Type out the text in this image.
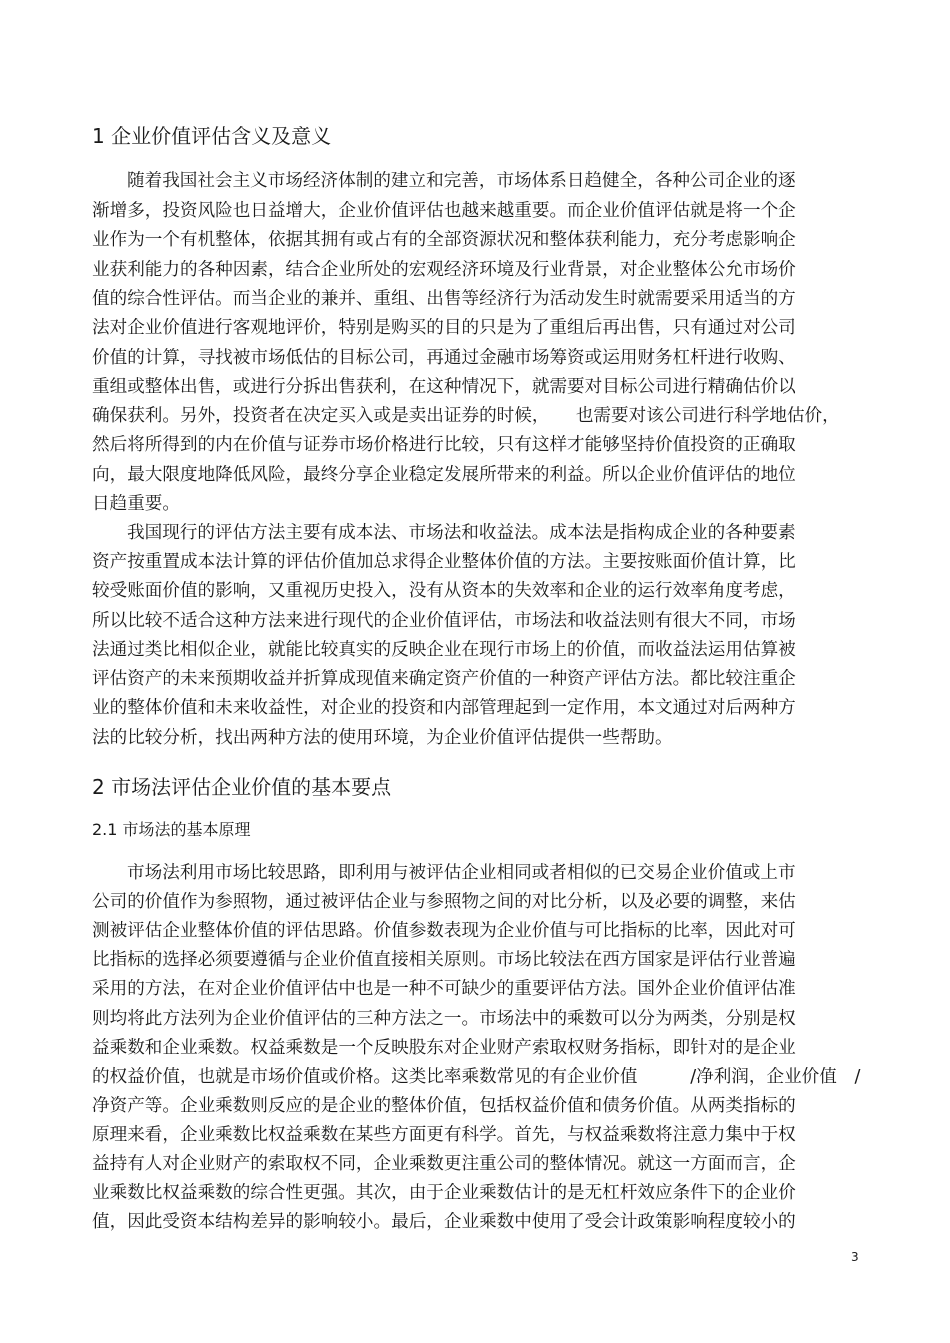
1 企业价值评估含义及意义
随着我国社会主义市场经济体制的建立和完善，市场体系日趋健全，各种公司企业的逐
渐增多，投资风险也日益增大，企业价值评估也越来越重要。而企业价值评估就是将一个企
业作为一个有机整体，依据其拥有或占有的全部资源状况和整体获利能力，充分考虑影响企
业获利能力的各种因素，结合企业所处的宏观经济环境及行业背景，对企业整体公允市场价
值的综合性评估。而当企业的兼并、重组、出售等经济行为活动发生时就需要采用适当的方
法对企业价值进行客观地评价，特别是购买的目的只是为了重组后再出售，只有通过对公司
价值的计算，寻找被市场低估的目标公司，再通过金融市场筹资或运用财务杠杆进行收购、
重组或整体出售，或进行分拆出售获利，在这种情况下，就需要对目标公司进行精确估价以
确保获利。另外，投资者在决定买入或是卖出证券的时候，　　也需要对该公司进行科学地估价，
然后将所得到的内在价值与证券市场价格进行比较，只有这样才能够坚持价值投资的正确取
向，最大限度地降低风险，最终分享企业稳定发展所带来的利益。所以企业价值评估的地位
日趋重要。
我国现行的评估方法主要有成本法、市场法和收益法。成本法是指构成企业的各种要素
资产按重置成本法计算的评估价值加总求得企业整体价值的方法。主要按账面价值计算，比
较受账面价值的影响，又重视历史投入，没有从资本的失效率和企业的运行效率角度考虑，
所以比较不适合这种方法来进行现代的企业价值评估，市场法和收益法则有很大不同，市场
法通过类比相似企业，就能比较真实的反映企业在现行市场上的价值，而收益法运用估算被
评估资产的未来预期收益并折算成现值来确定资产价值的一种资产评估方法。都比较注重企
业的整体价值和未来收益性，对企业的投资和内部管理起到一定作用，本文通过对后两种方
法的比较分析，找出两种方法的使用环境，为企业价值评估提供一些帮助。
2 市场法评估企业价值的基本要点
2.1 市场法的基本原理
市场法利用市场比较思路，即利用与被评估企业相同或者相似的已交易企业价值或上市
公司的价值作为参照物，通过被评估企业与参照物之间的对比分析，以及必要的调整，来估
测被评估企业整体价值的评估思路。价值参数表现为企业价值与可比指标的比率，因此对可
比指标的选择必须要遵循与企业价值直接相关原则。市场比较法在西方国家是评估行业普遍
采用的方法，在对企业价值评估中也是一种不可缺少的重要评估方法。国外企业价值评估准
则均将此方法列为企业价值评估的三种方法之一。市场法中的乘数可以分为两类，分别是权
益乘数和企业乘数。权益乘数是一个反映股东对企业财产索取权财务指标，即针对的是企业
的权益价值，也就是市场价值或价格。这类比率乘数常见的有企业价值　　　/净利润，企业价值　/
净资产等。企业乘数则反应的是企业的整体价值，包括权益价值和债务价值。从两类指标的
原理来看，企业乘数比权益乘数在某些方面更有科学。首先，与权益乘数将注意力集中于权
益持有人对企业财产的索取权不同，企业乘数更注重公司的整体情况。就这一方面而言，企
业乘数比权益乘数的综合性更强。其次，由于企业乘数估计的是无杠杆效应条件下的企业价
值，因此受资本结构差异的影响较小。最后，企业乘数中使用了受会计政策影响程度较小的
3
